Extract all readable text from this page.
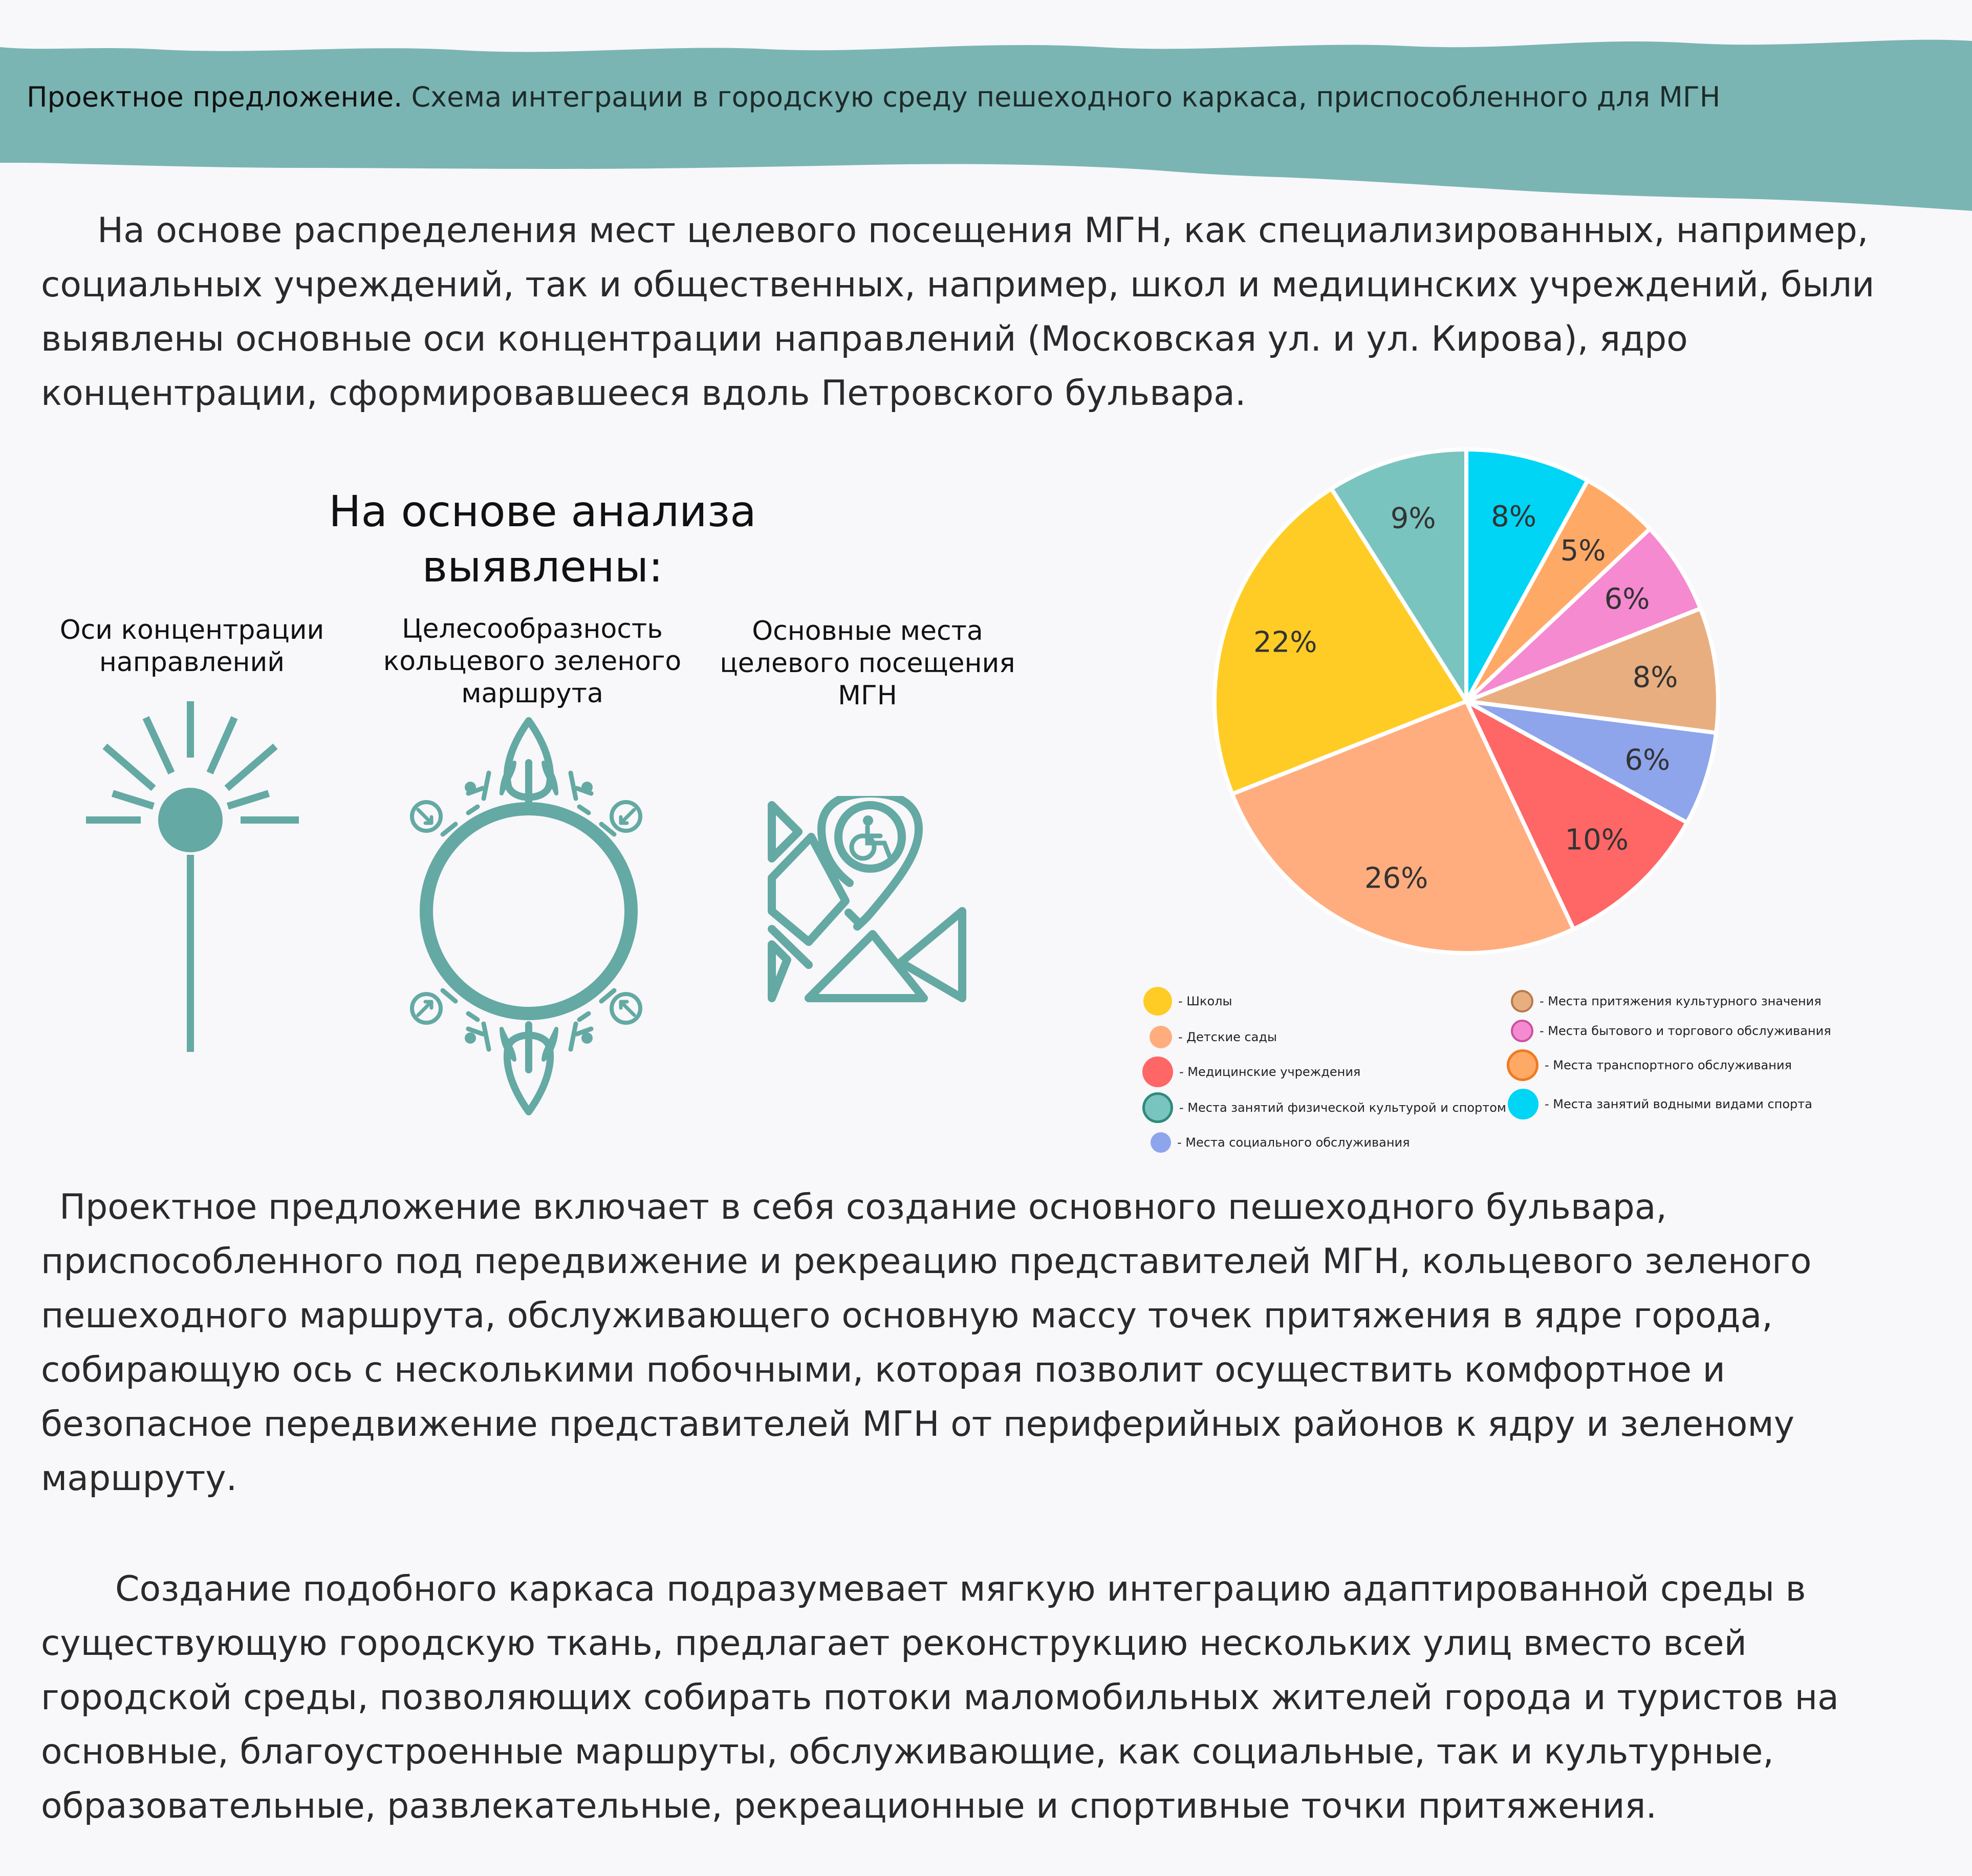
Проектное предложение. Схема интеграции в городскую среду пешеходного каркаса, приспособленного для МГН

На основе распределения мест целевого посещения МГН, как специализированных, например, социальных учреждений, так и общественных, например, школ и медицинских учреждений, были выявлены основные оси концентрации направлений (Московская ул. и ул. Кирова), ядро концентрации, сформировавшееся вдоль Петровского бульвара.

На основе анализа выявлены:

Оси концентрации направлений

Целесообразность кольцевого зеленого маршрута

Основные места целевого посещения МГН

8%
5%
6%
8%
6%
10%
26%
22%
9%
- Школы
- Детские сады
- Медицинские учреждения
- Места занятий физической культурой и спортом
- Места социального обслуживания
- Места притяжения культурного значения
- Места бытового и торгового обслуживания
- Места транспортного обслуживания
- Места занятий водными видами спорта

Проектное предложение включает в себя создание основного пешеходного бульвара, приспособленного под передвижение и рекреацию представителей МГН, кольцевого зеленого пешеходного маршрута, обслуживающего основную массу точек притяжения в ядре города, собирающую ось с несколькими побочными, которая позволит осуществить комфортное и безопасное передвижение представителей МГН от периферийных районов к ядру и зеленому маршруту.

Создание подобного каркаса подразумевает мягкую интеграцию адаптированной среды в существующую городскую ткань, предлагает реконструкцию нескольких улиц вместо всей городской среды, позволяющих собирать потоки маломобильных жителей города и туристов на основные, благоустроенные маршруты, обслуживающие, как социальные, так и культурные, образовательные, развлекательные, рекреационные и спортивные точки притяжения.
